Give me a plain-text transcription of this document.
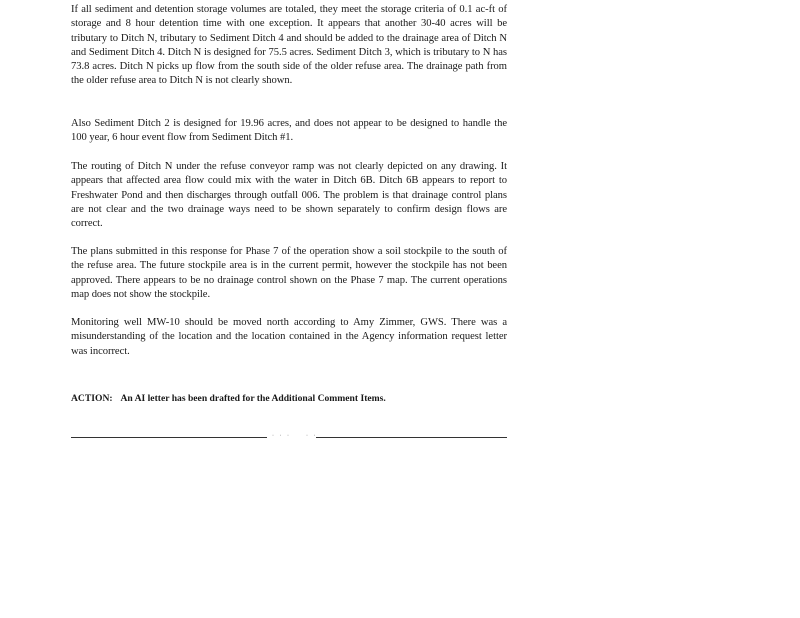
If all sediment and detention storage volumes are totaled, they meet the storage criteria of 0.1 ac-ft of storage and 8 hour detention time with one exception. It appears that another 30-40 acres will be tributary to Ditch N, tributary to Sediment Ditch 4 and should be added to the drainage area of Ditch N and Sediment Ditch 4. Ditch N is designed for 75.5 acres. Sediment Ditch 3, which is tributary to N has 73.8 acres. Ditch N picks up flow from the south side of the older refuse area. The drainage path from the older refuse area to Ditch N is not clearly shown.

Also Sediment Ditch 2 is designed for 19.96 acres, and does not appear to be designed to handle the 100 year, 6 hour event flow from Sediment Ditch #1.

The routing of Ditch N under the refuse conveyor ramp was not clearly depicted on any drawing. It appears that affected area flow could mix with the water in Ditch 6B. Ditch 6B appears to report to Freshwater Pond and then discharges through outfall 006. The problem is that drainage control plans are not clear and the two drainage ways need to be shown separately to confirm design flows are correct.

The plans submitted in this response for Phase 7 of the operation show a soil stockpile to the south of the refuse area. The future stockpile area is in the current permit, however the stockpile has not been approved. There appears to be no drainage control shown on the Phase 7 map. The current operations map does not show the stockpile.

Monitoring well MW-10 should be moved north according to Amy Zimmer, GWS. There was a misunderstanding of the location and the location contained in the Agency information request letter was incorrect.

ACTION: An AI letter has been drafted for the Additional Comment Items.

· · ·	· ·
